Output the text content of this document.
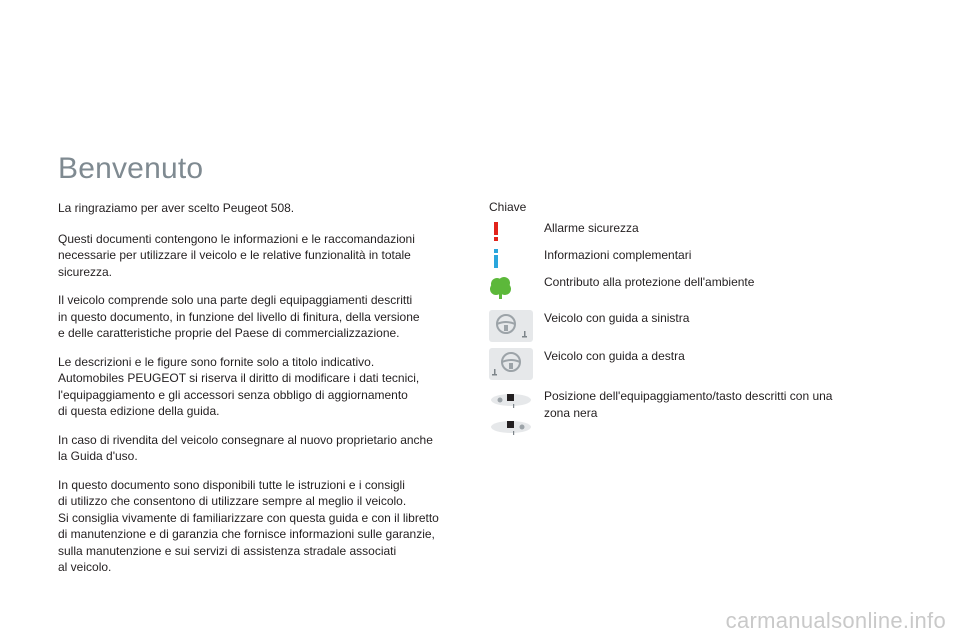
Benvenuto

La ringraziamo per aver scelto Peugeot 508.

Questi documenti contengono le informazioni e le raccomandazioni
necessarie per utilizzare il veicolo e le relative funzionalità in totale
sicurezza.

Il veicolo comprende solo una parte degli equipaggiamenti descritti
in questo documento, in funzione del livello di finitura, della versione
e delle caratteristiche proprie del Paese di commercializzazione.

Le descrizioni e le figure sono fornite solo a titolo indicativo.
Automobiles PEUGEOT si riserva il diritto di modificare i dati tecnici,
l'equipaggiamento e gli accessori senza obbligo di aggiornamento
di questa edizione della guida.

In caso di rivendita del veicolo consegnare al nuovo proprietario anche
la Guida d'uso.

In questo documento sono disponibili tutte le istruzioni e i consigli
di utilizzo che consentono di utilizzare sempre al meglio il veicolo.
Si consiglia vivamente di familiarizzare con questa guida e con il libretto
di manutenzione e di garanzia che fornisce informazioni sulle garanzie,
sulla manutenzione e sui servizi di assistenza stradale associati
al veicolo.

Chiave
Allarme sicurezza
Informazioni complementari
Contributo alla protezione dell'ambiente
Veicolo con guida a sinistra
Veicolo con guida a destra
Posizione dell'equipaggiamento/tasto descritti con una
zona nera
carmanualsonline.info
